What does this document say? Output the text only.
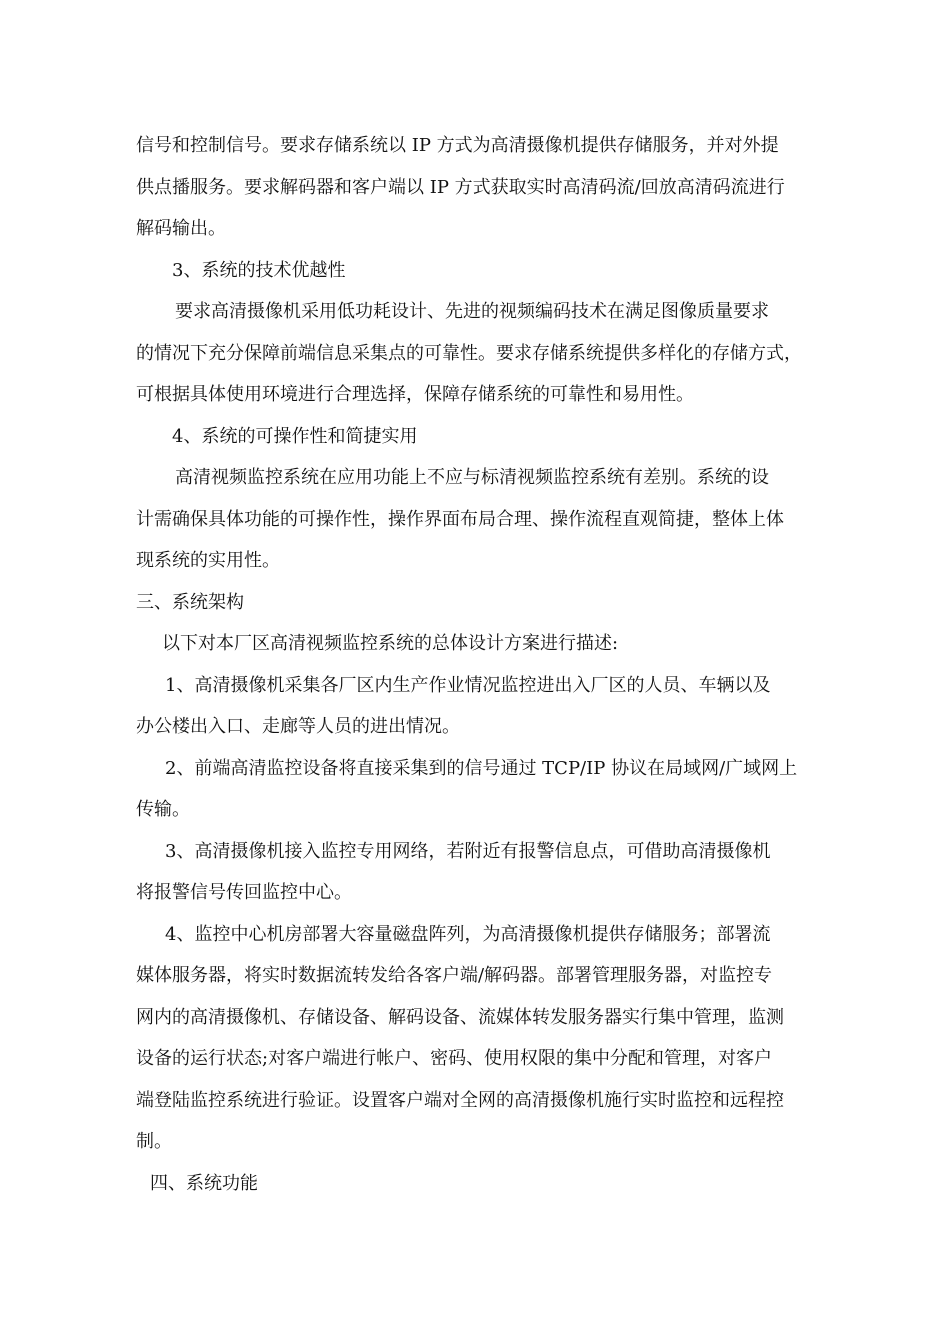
信号和控制信号。要求存储系统以 IP 方式为高清摄像机提供存储服务，并对外提
供点播服务。要求解码器和客户端以 IP 方式获取实时高清码流/回放高清码流进行
解码输出。
3、系统的技术优越性
要求高清摄像机采用低功耗设计、先进的视频编码技术在满足图像质量要求
的情况下充分保障前端信息采集点的可靠性。要求存储系统提供多样化的存储方式，
可根据具体使用环境进行合理选择，保障存储系统的可靠性和易用性。
4、系统的可操作性和简捷实用
高清视频监控系统在应用功能上不应与标清视频监控系统有差别。系统的设
计需确保具体功能的可操作性，操作界面布局合理、操作流程直观简捷，整体上体
现系统的实用性。
三、系统架构
以下对本厂区高清视频监控系统的总体设计方案进行描述:
1、高清摄像机采集各厂区内生产作业情况监控进出入厂区的人员、车辆以及
办公楼出入口、走廊等人员的进出情况。
2、前端高清监控设备将直接采集到的信号通过 TCP/IP 协议在局域网/广域网上
传输。
3、高清摄像机接入监控专用网络，若附近有报警信息点，可借助高清摄像机
将报警信号传回监控中心。
4、监控中心机房部署大容量磁盘阵列，为高清摄像机提供存储服务；部署流
媒体服务器，将实时数据流转发给各客户端/解码器。部署管理服务器，对监控专
网内的高清摄像机、存储设备、解码设备、流媒体转发服务器实行集中管理，监测
设备的运行状态;对客户端进行帐户、密码、使用权限的集中分配和管理，对客户
端登陆监控系统进行验证。设置客户端对全网的高清摄像机施行实时监控和远程控
制。
四、系统功能
